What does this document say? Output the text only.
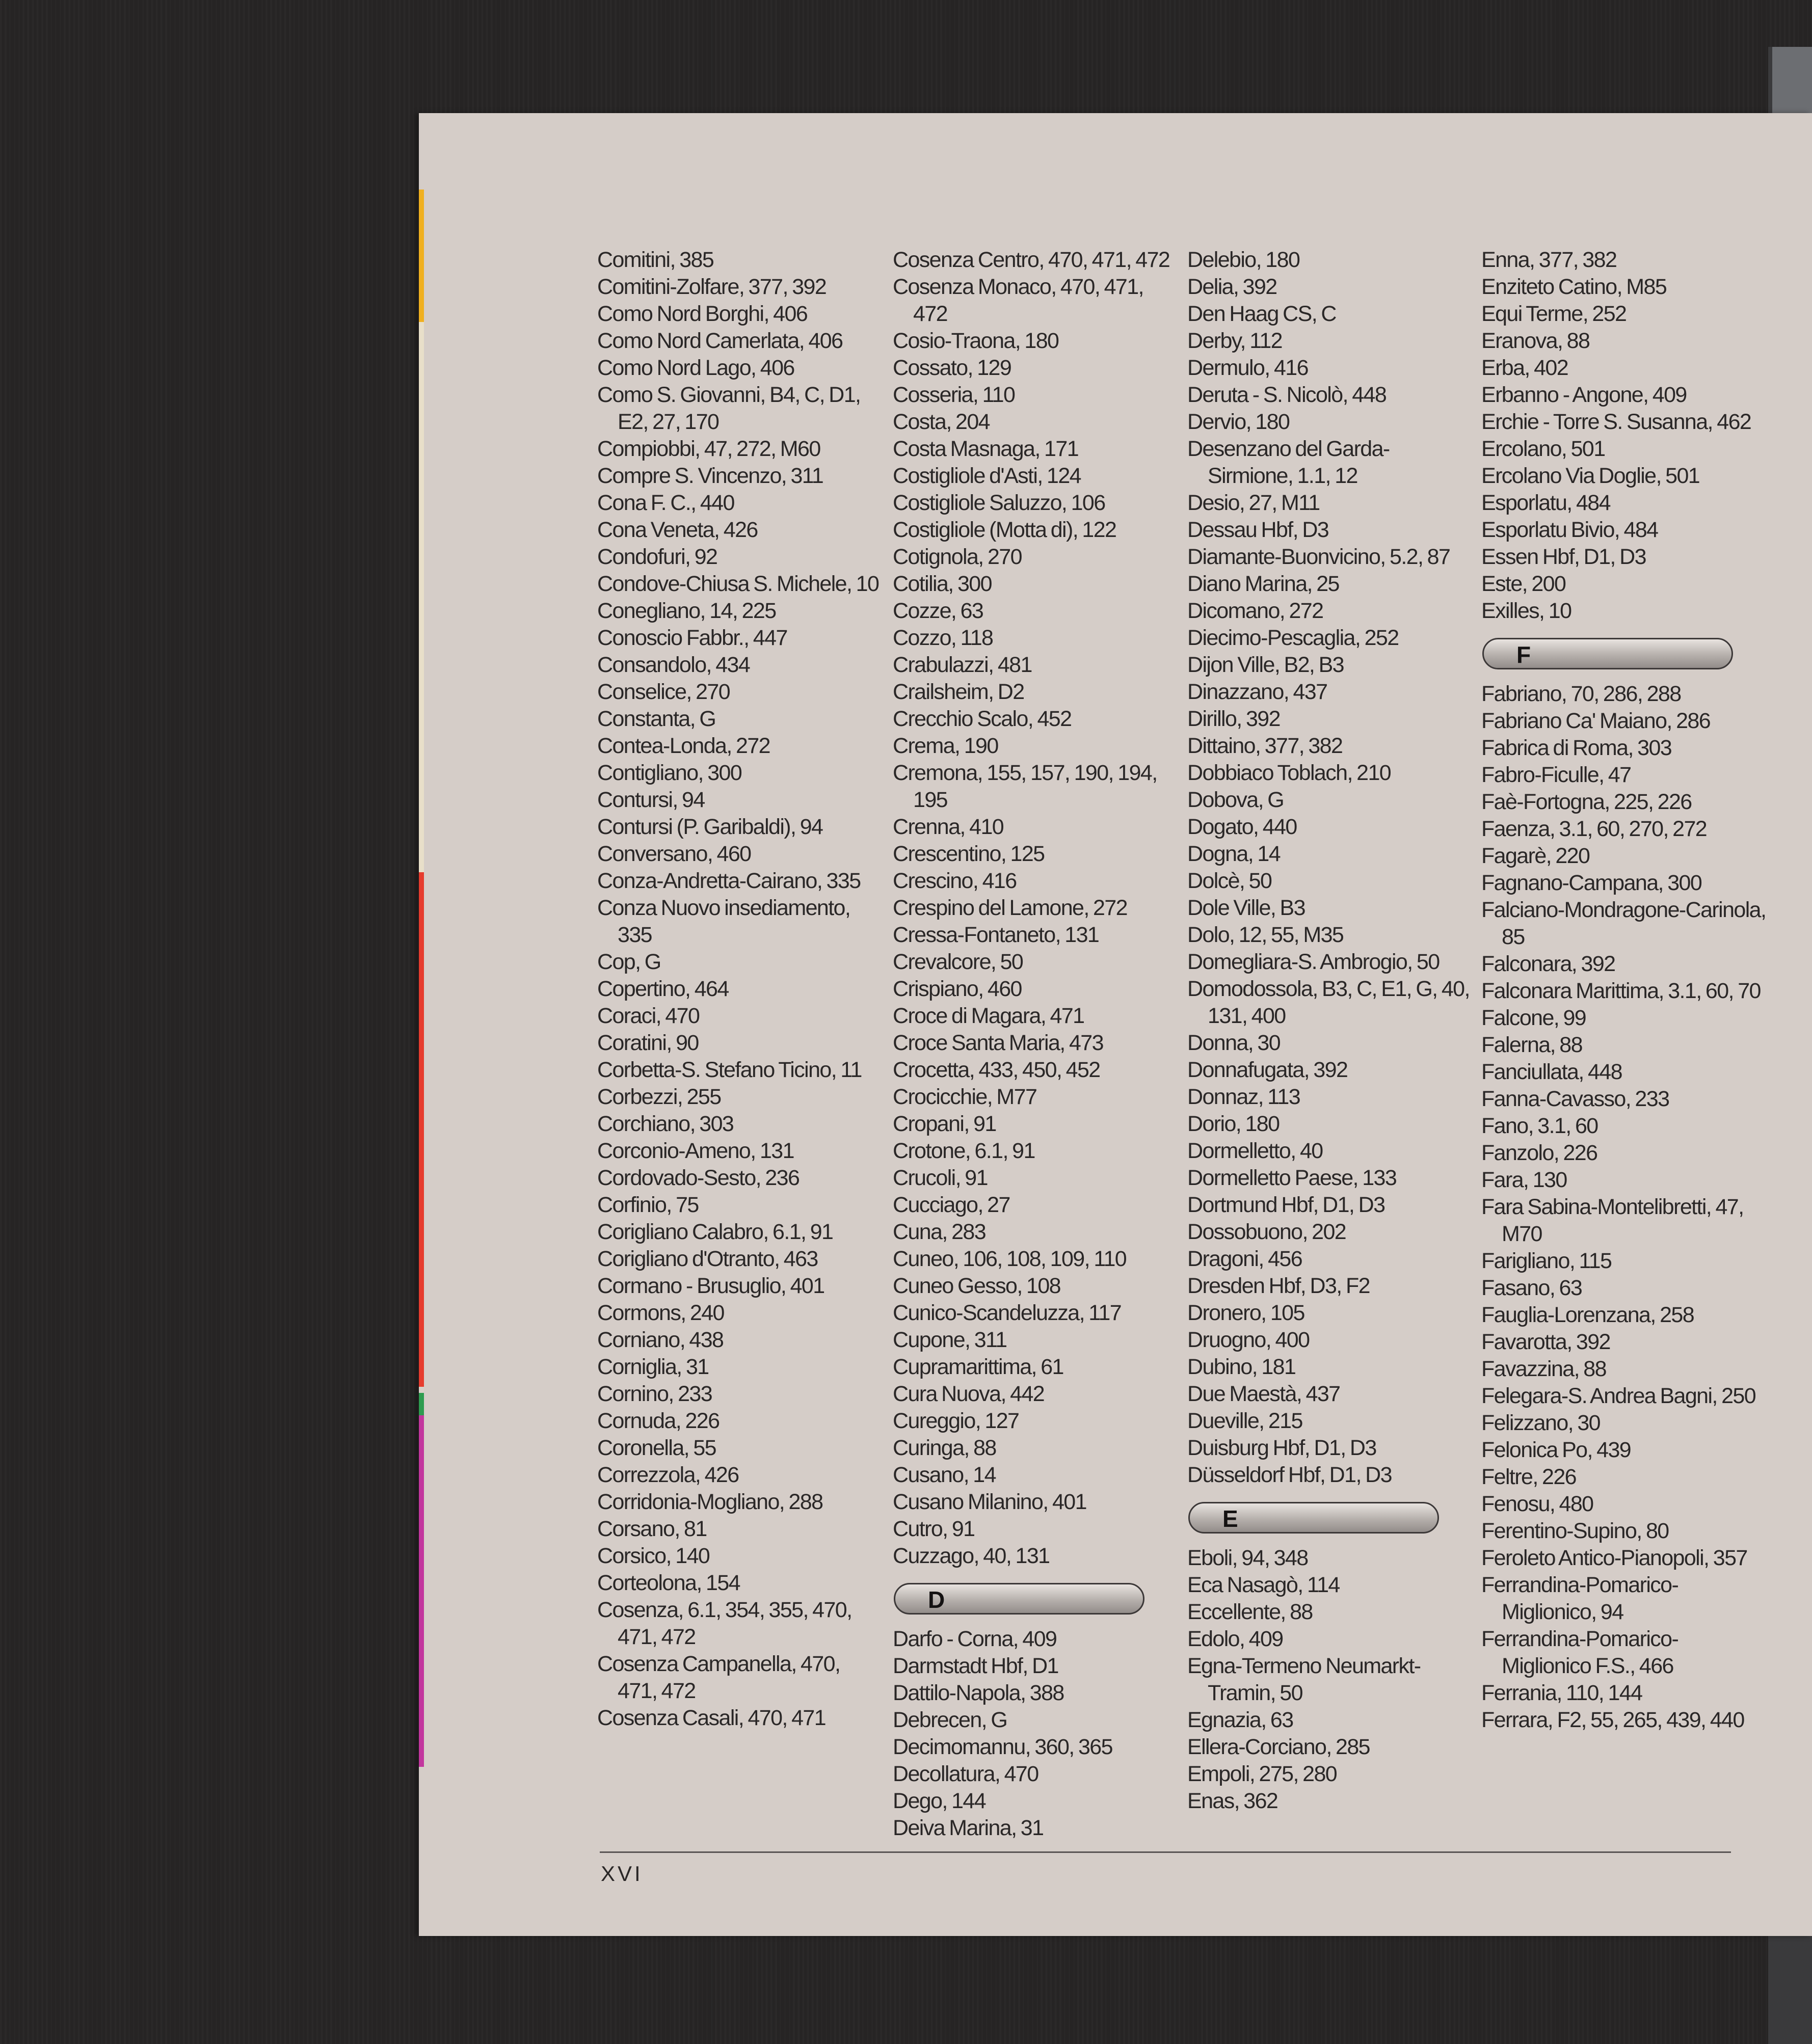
Comitini, 385
Comitini-Zolfare, 377, 392
Como Nord Borghi, 406
Como Nord Camerlata, 406
Como Nord Lago, 406
Como S. Giovanni, B4, C, D1, E2, 27, 170
Compiobbi, 47, 272, M60
Compre S. Vincenzo, 311
Cona F. C., 440
Cona Veneta, 426
Condofuri, 92
Condove-Chiusa S. Michele, 10
Conegliano, 14, 225
Conoscio Fabbr., 447
Consandolo, 434
Conselice, 270
Constanta, G
Contea-Londa, 272
Contigliano, 300
Contursi, 94
Contursi (P. Garibaldi), 94
Conversano, 460
Conza-Andretta-Cairano, 335
Conza Nuovo insediamento, 335
Cop, G
Copertino, 464
Coraci, 470
Coratini, 90
Corbetta-S. Stefano Ticino, 11
Corbezzi, 255
Corchiano, 303
Corconio-Ameno, 131
Cordovado-Sesto, 236
Corfinio, 75
Corigliano Calabro, 6.1, 91
Corigliano d'Otranto, 463
Cormano - Brusuglio, 401
Cormons, 240
Corniano, 438
Corniglia, 31
Cornino, 233
Cornuda, 226
Coronella, 55
Correzzola, 426
Corridonia-Mogliano, 288
Corsano, 81
Corsico, 140
Corteolona, 154
Cosenza, 6.1, 354, 355, 470, 471, 472
Cosenza Campanella, 470, 471, 472
Cosenza Casali, 470, 471
Cosenza Centro, 470, 471, 472
Cosenza Monaco, 470, 471, 472
Cosio-Traona, 180
Cossato, 129
Cosseria, 110
Costa, 204
Costa Masnaga, 171
Costigliole d'Asti, 124
Costigliole Saluzzo, 106
Costigliole (Motta di), 122
Cotignola, 270
Cotilia, 300
Cozze, 63
Cozzo, 118
Crabulazzi, 481
Crailsheim, D2
Crecchio Scalo, 452
Crema, 190
Cremona, 155, 157, 190, 194, 195
Crenna, 410
Crescentino, 125
Crescino, 416
Crespino del Lamone, 272
Cressa-Fontaneto, 131
Crevalcore, 50
Crispiano, 460
Croce di Magara, 471
Croce Santa Maria, 473
Crocetta, 433, 450, 452
Crocicchie, M77
Cropani, 91
Crotone, 6.1, 91
Crucoli, 91
Cucciago, 27
Cuna, 283
Cuneo, 106, 108, 109, 110
Cuneo Gesso, 108
Cunico-Scandeluzza, 117
Cupone, 311
Cupramarittima, 61
Cura Nuova, 442
Cureggio, 127
Curinga, 88
Cusano, 14
Cusano Milanino, 401
Cutro, 91
Cuzzago, 40, 131
D
Darfo - Corna, 409
Darmstadt Hbf, D1
Dattilo-Napola, 388
Debrecen, G
Decimomannu, 360, 365
Decollatura, 470
Dego, 144
Deiva Marina, 31
Delebio, 180
Delia, 392
Den Haag CS, C
Derby, 112
Dermulo, 416
Deruta - S. Nicolò, 448
Dervio, 180
Desenzano del Garda-Sirmione, 1.1, 12
Desio, 27, M11
Dessau Hbf, D3
Diamante-Buonvicino, 5.2, 87
Diano Marina, 25
Dicomano, 272
Diecimo-Pescaglia, 252
Dijon Ville, B2, B3
Dinazzano, 437
Dirillo, 392
Dittaino, 377, 382
Dobbiaco Toblach, 210
Dobova, G
Dogato, 440
Dogna, 14
Dolcè, 50
Dole Ville, B3
Dolo, 12, 55, M35
Domegliara-S. Ambrogio, 50
Domodossola, B3, C, E1, G, 40, 131, 400
Donna, 30
Donnafugata, 392
Donnaz, 113
Dorio, 180
Dormelletto, 40
Dormelletto Paese, 133
Dortmund Hbf, D1, D3
Dossobuono, 202
Dragoni, 456
Dresden Hbf, D3, F2
Dronero, 105
Druogno, 400
Dubino, 181
Due Maestà, 437
Dueville, 215
Duisburg Hbf, D1, D3
Düsseldorf Hbf, D1, D3
E
Eboli, 94, 348
Eca Nasagò, 114
Eccellente, 88
Edolo, 409
Egna-Termeno Neumarkt-Tramin, 50
Egnazia, 63
Ellera-Corciano, 285
Empoli, 275, 280
Enas, 362
Enna, 377, 382
Enziteto Catino, M85
Equi Terme, 252
Eranova, 88
Erba, 402
Erbanno - Angone, 409
Erchie - Torre S. Susanna, 462
Ercolano, 501
Ercolano Via Doglie, 501
Esporlatu, 484
Esporlatu Bivio, 484
Essen Hbf, D1, D3
Este, 200
Exilles, 10
F
Fabriano, 70, 286, 288
Fabriano Ca' Maiano, 286
Fabrica di Roma, 303
Fabro-Ficulle, 47
Faè-Fortogna, 225, 226
Faenza, 3.1, 60, 270, 272
Fagarè, 220
Fagnano-Campana, 300
Falciano-Mondragone-Carinola, 85
Falconara, 392
Falconara Marittima, 3.1, 60, 70
Falcone, 99
Falerna, 88
Fanciullata, 448
Fanna-Cavasso, 233
Fano, 3.1, 60
Fanzolo, 226
Fara, 130
Fara Sabina-Montelibretti, 47, M70
Farigliano, 115
Fasano, 63
Fauglia-Lorenzana, 258
Favarotta, 392
Favazzina, 88
Felegara-S. Andrea Bagni, 250
Felizzano, 30
Felonica Po, 439
Feltre, 226
Fenosu, 480
Ferentino-Supino, 80
Feroleto Antico-Pianopoli, 357
Ferrandina-Pomarico-Miglionico, 94
Ferrandina-Pomarico-Miglionico F.S., 466
Ferrania, 110, 144
Ferrara, F2, 55, 265, 439, 440
XVI
